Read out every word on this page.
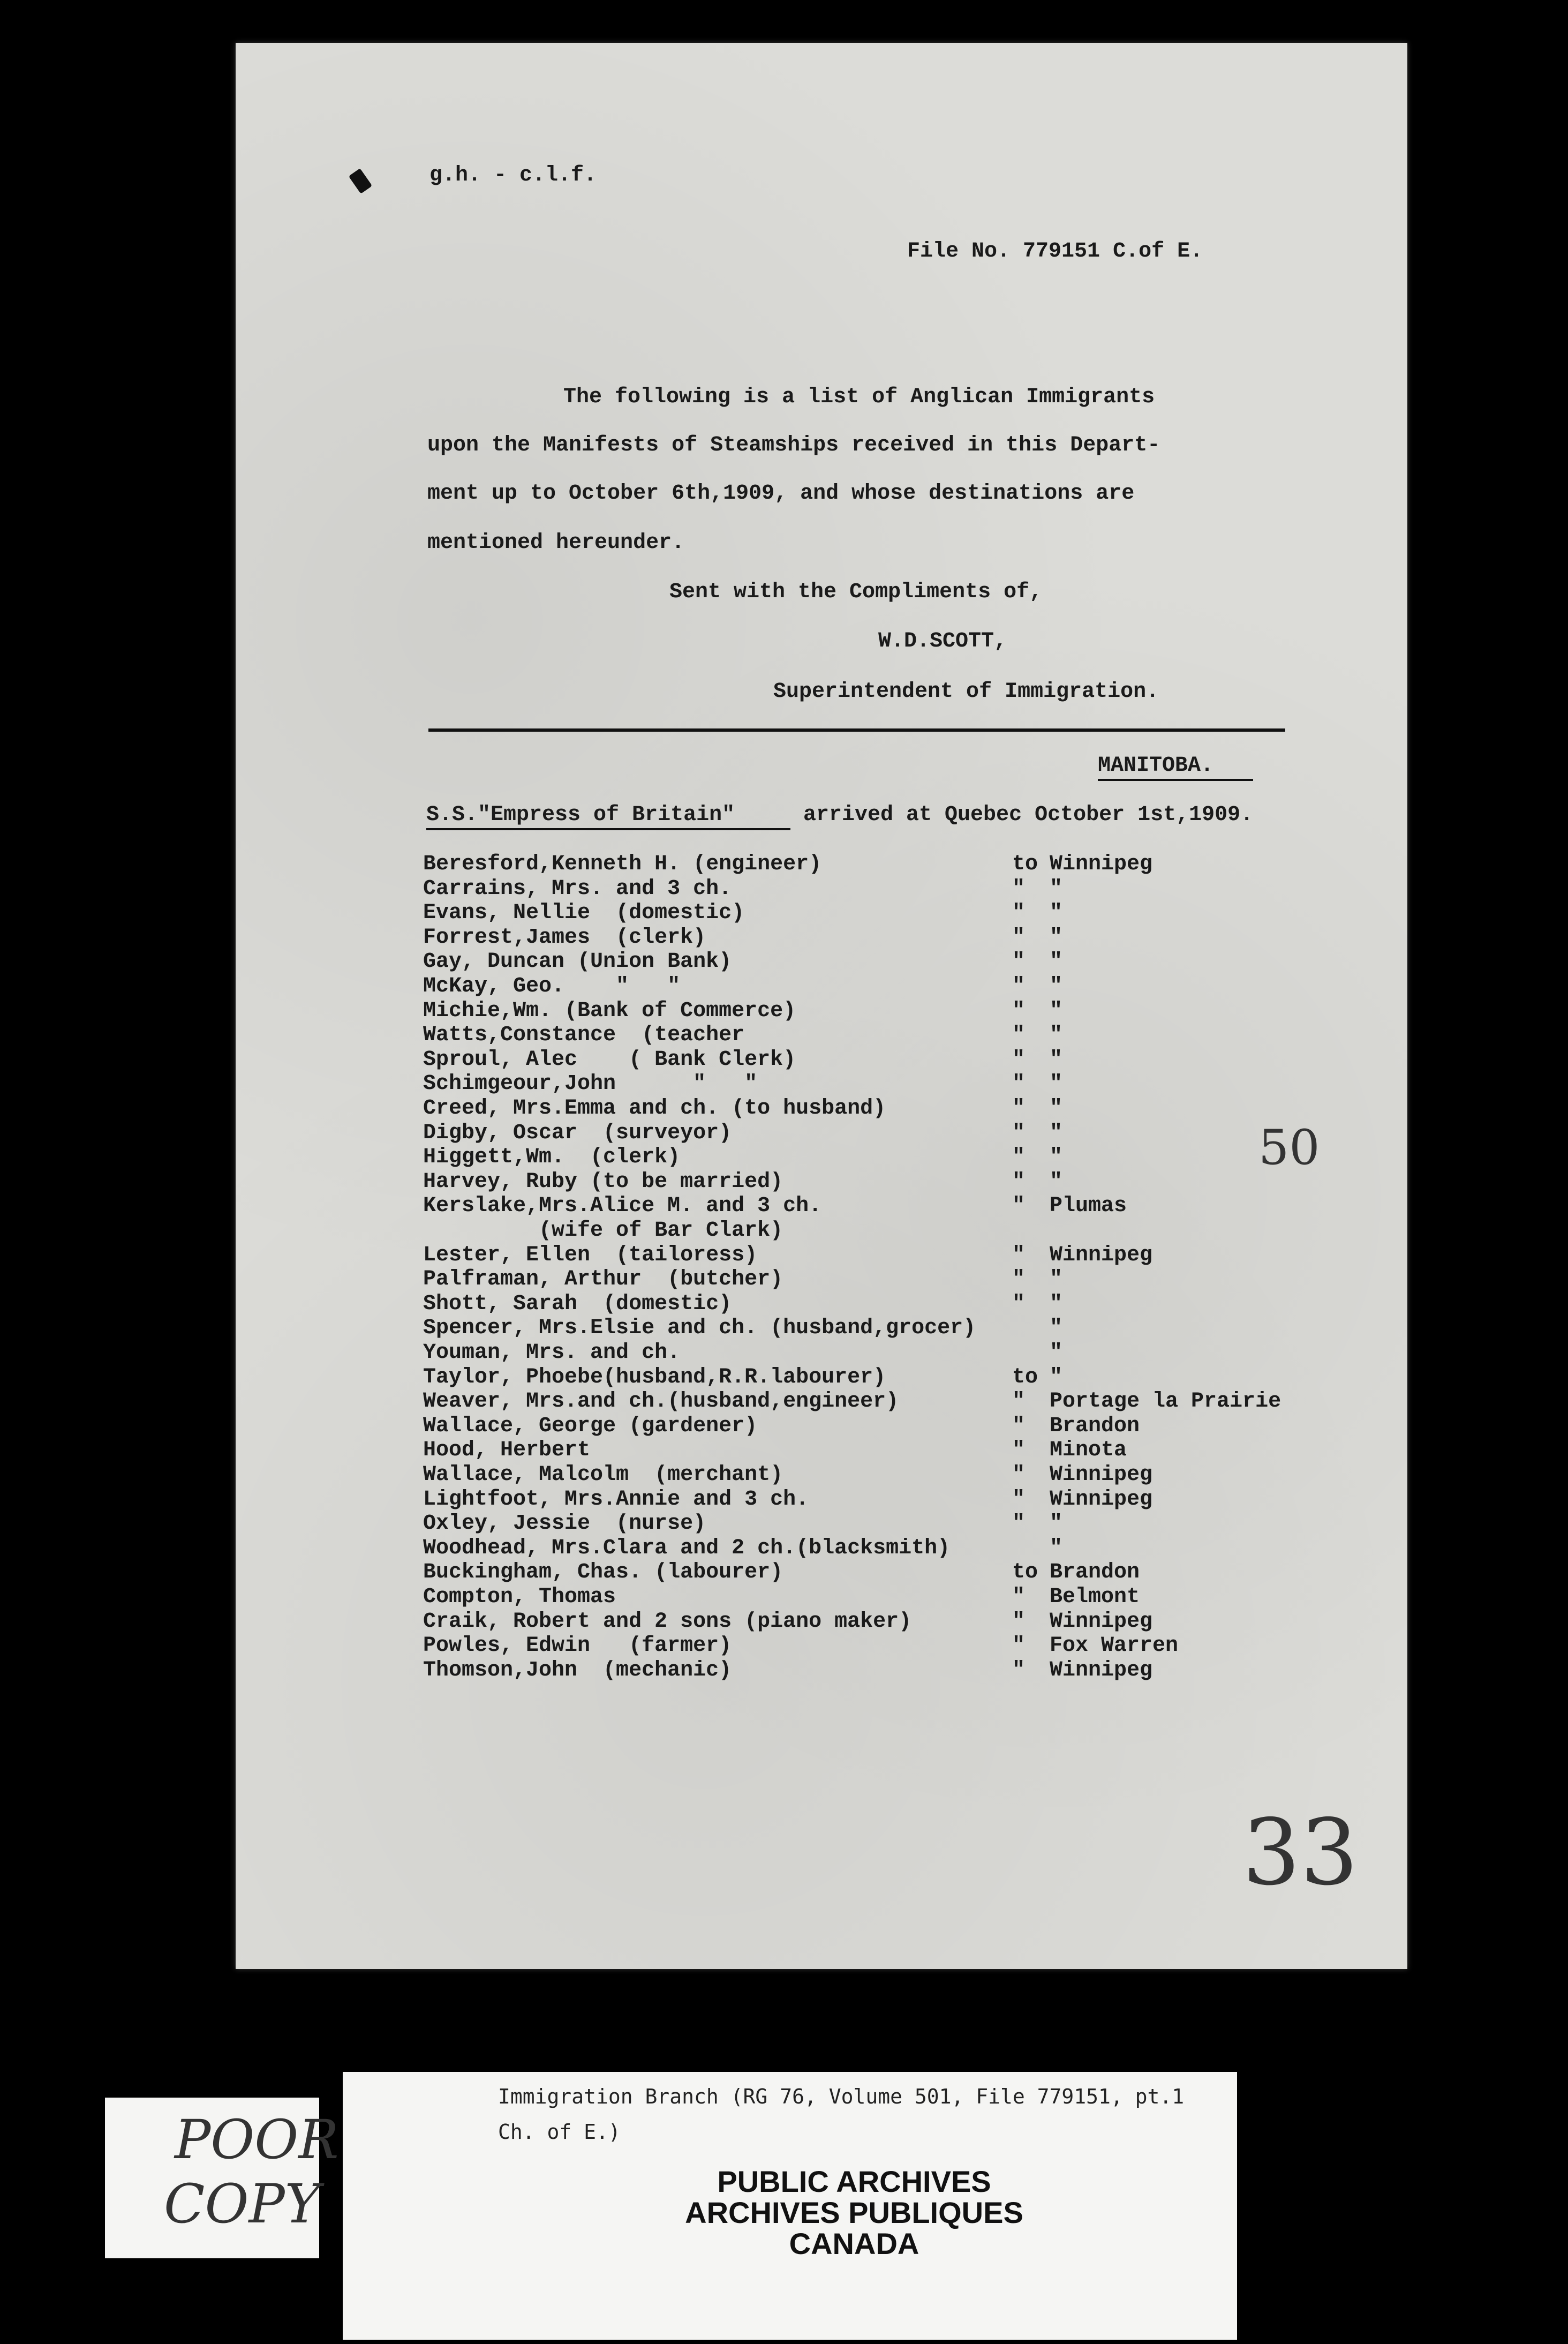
g.h. - c.l.f.
File No. 779151 C.of E.
The following is a list of Anglican Immigrants
upon the Manifests of Steamships received in this Depart-
ment up to October 6th,1909, and whose destinations are
mentioned hereunder.
Sent with the Compliments of,
W.D.SCOTT,
Superintendent of Immigration.
MANITOBA.
S.S."Empress of Britain"	arrived at Quebec October 1st,1909.
Beresford,Kenneth H. (engineer)	to Winnipeg
Carrains, Mrs. and 3 ch.	" "
Evans, Nellie  (domestic)	" "
Forrest,James  (clerk)	" "
Gay, Duncan (Union Bank)	" "
McKay, Geo.    "   "	" "
Michie,Wm. (Bank of Commerce)	" "
Watts,Constance  (teacher	" "
Sproul, Alec    ( Bank Clerk)	" "
Schimgeour,John      "   "	" "
Creed, Mrs.Emma and ch. (to husband)	" "
Digby, Oscar  (surveyor)	" "
Higgett,Wm.  (clerk)	" "
Harvey, Ruby (to be married)	" "
Kerslake,Mrs.Alice M. and 3 ch.	" Plumas
(wife of Bar Clark)
Lester, Ellen  (tailoress)	" Winnipeg
Palframan, Arthur  (butcher)	" "
Shott, Sarah  (domestic)	" "
Spencer, Mrs.Elsie and ch. (husband,grocer)	"
Youman, Mrs. and ch.	"
Taylor, Phoebe(husband,R.R.labourer)	to "
Weaver, Mrs.and ch.(husband,engineer)	" Portage la Prairie
Wallace, George (gardener)	" Brandon
Hood, Herbert	" Minota
Wallace, Malcolm  (merchant)	" Winnipeg
Lightfoot, Mrs.Annie and 3 ch.	" Winnipeg
Oxley, Jessie  (nurse)	" "
Woodhead, Mrs.Clara and 2 ch.(blacksmith)	"
Buckingham, Chas. (labourer)	to Brandon
Compton, Thomas	" Belmont
Craik, Robert and 2 sons (piano maker)	" Winnipeg
Powles, Edwin   (farmer)	" Fox Warren
Thomson,John  (mechanic)	" Winnipeg
50
33
POOR
COPY
Immigration Branch (RG 76, Volume 501, File 779151, pt.1
Ch. of E.)
PUBLIC ARCHIVES
ARCHIVES PUBLIQUES
CANADA
